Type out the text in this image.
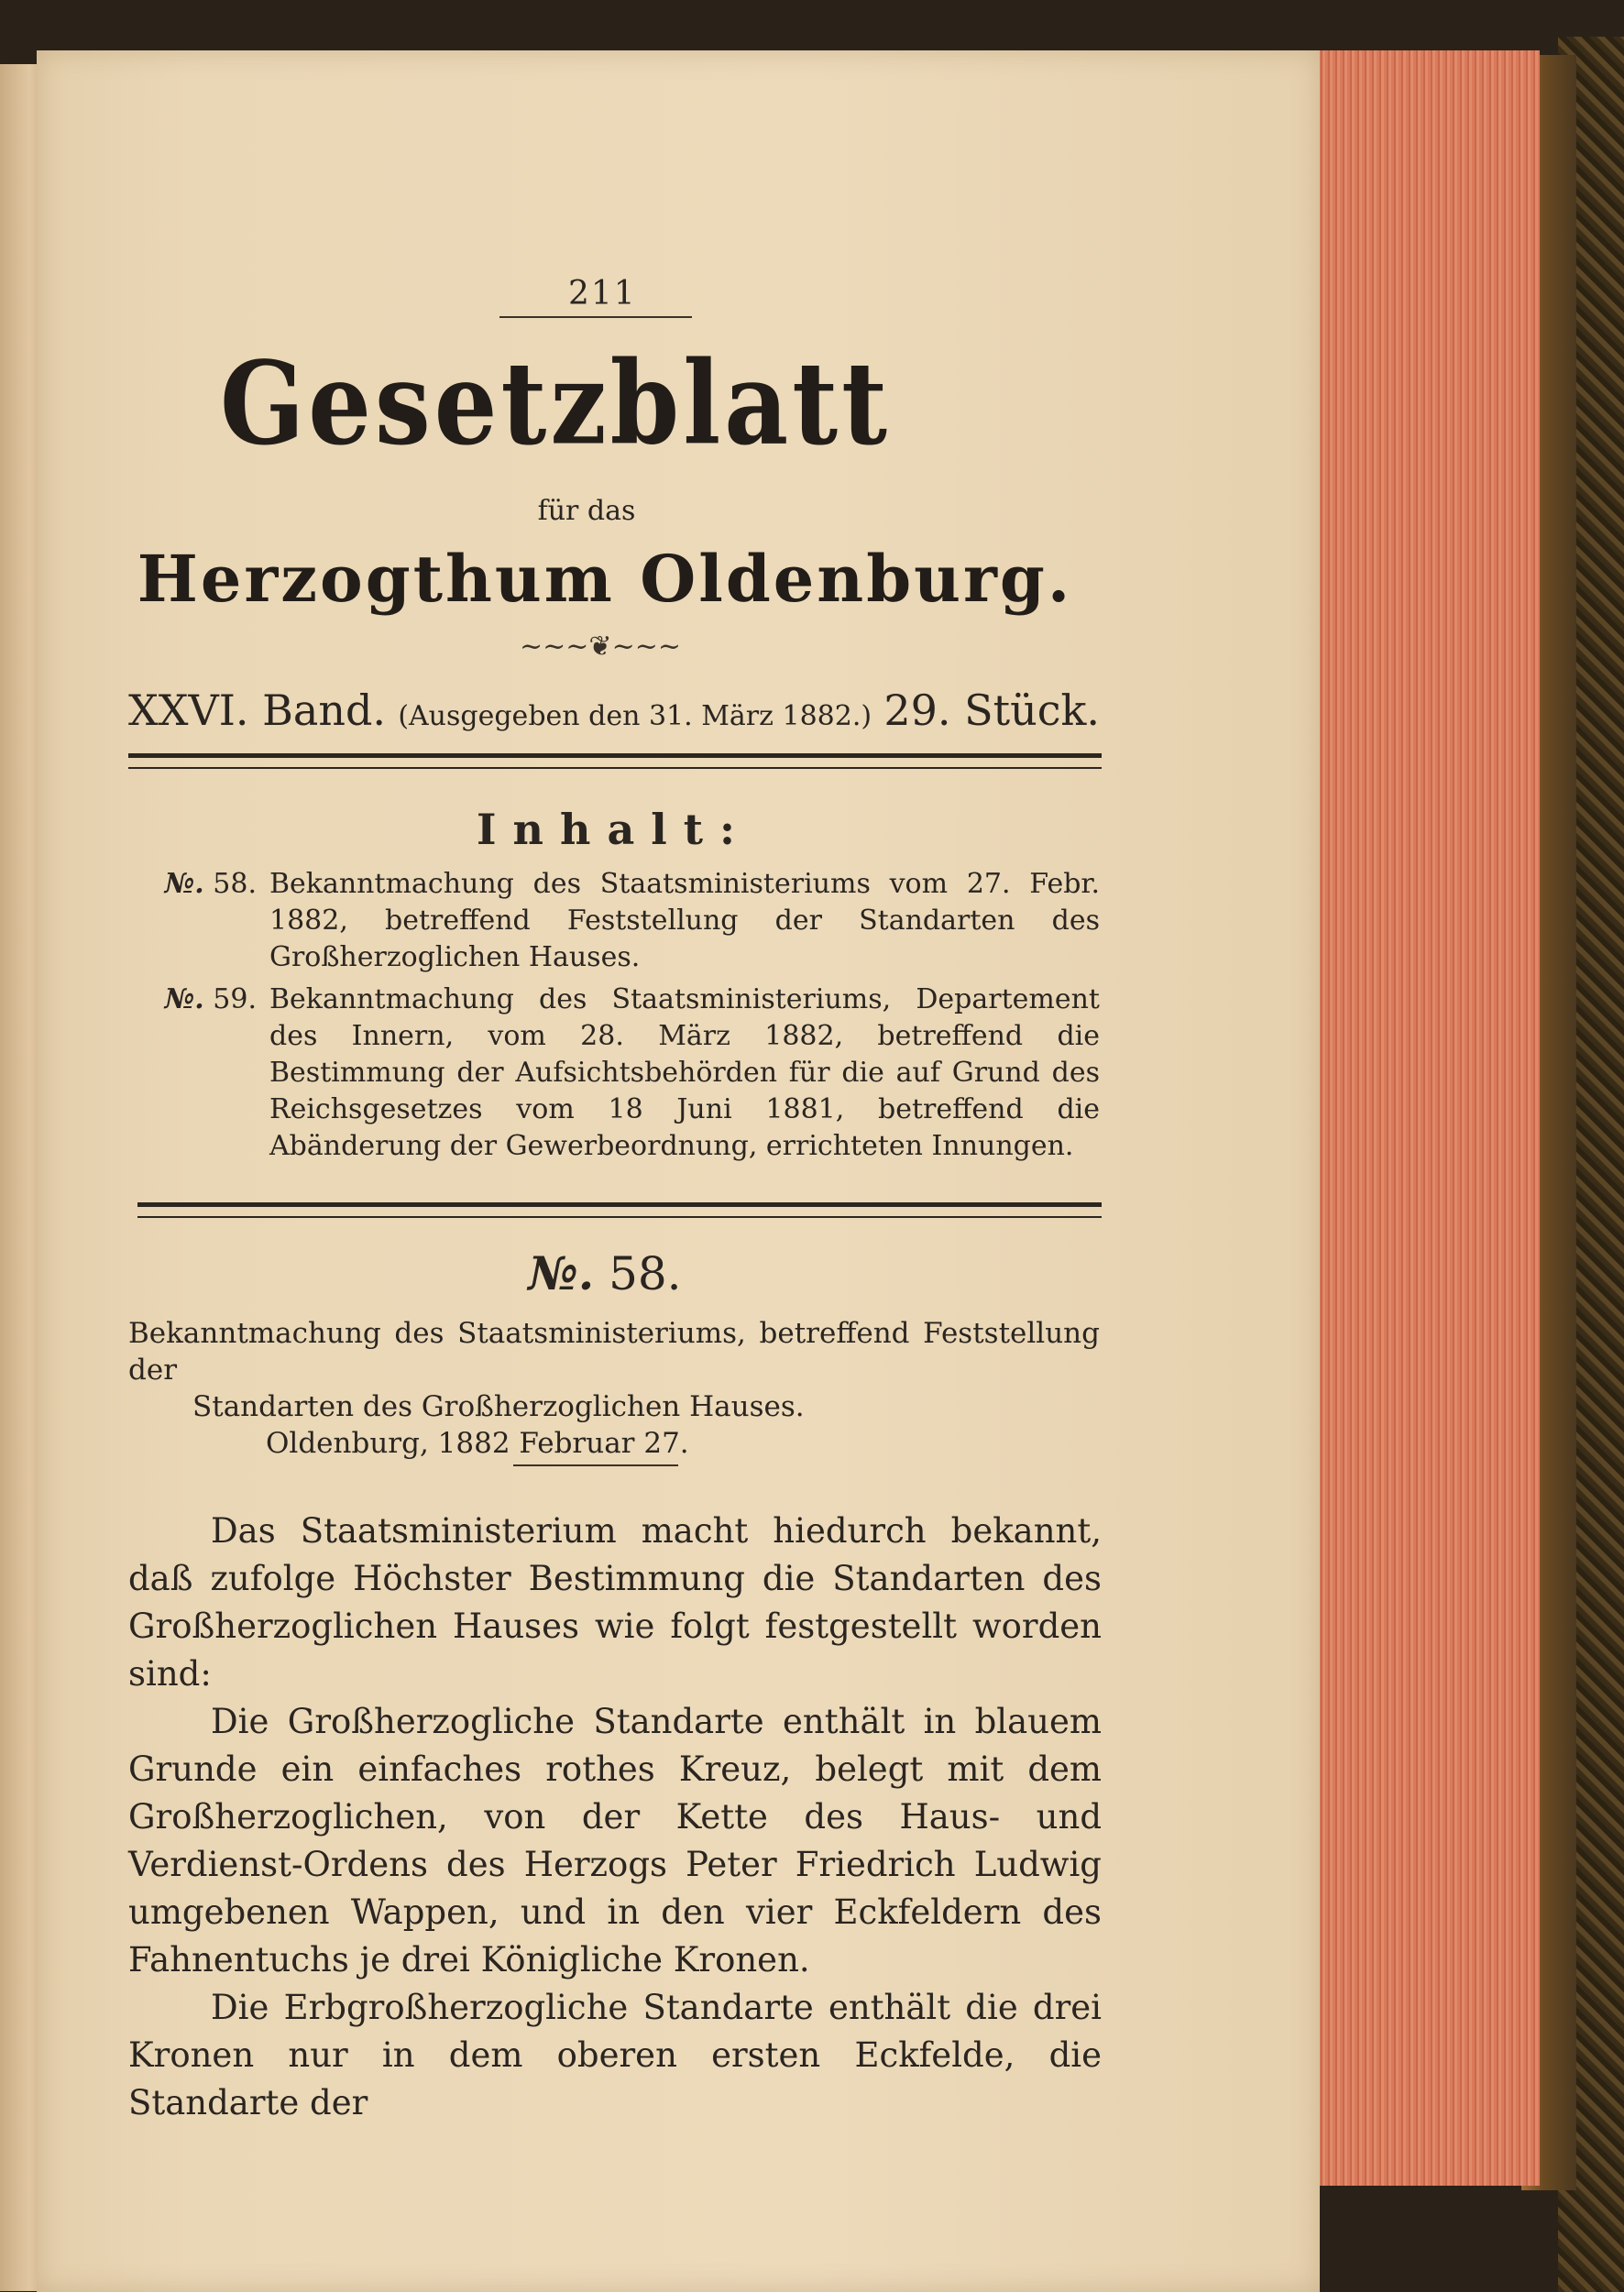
211
Gesetzblatt
für das
Herzogthum Oldenburg.
~~~❦~~~
XXVI. Band. (Ausgegeben den 31. März 1882.) 29. Stück.
Inhalt:
№. 58. Bekanntmachung des Staatsministeriums vom 27. Febr. 1882, betreffend Feststellung der Standarten des Großherzoglichen Hauses.
№. 59. Bekanntmachung des Staatsministeriums, Departement des Innern, vom 28. März 1882, betreffend die Bestimmung der Aufsichtsbehörden für die auf Grund des Reichsgesetzes vom 18 Juni 1881, betreffend die Abänderung der Gewerbeordnung, errichteten Innungen.
№. 58.
Bekanntmachung des Staatsministeriums, betreffend Feststellung der
Standarten des Großherzoglichen Hauses.
Oldenburg, 1882 Februar 27.

Das Staatsministerium macht hiedurch bekannt, daß zufolge Höchster Bestimmung die Standarten des Großherzoglichen Hauses wie folgt festgestellt worden sind:

Die Großherzogliche Standarte enthält in blauem Grunde ein einfaches rothes Kreuz, belegt mit dem Großherzoglichen, von der Kette des Haus- und Verdienst-Ordens des Herzogs Peter Friedrich Ludwig umgebenen Wappen, und in den vier Eckfeldern des Fahnentuchs je drei Königliche Kronen.

Die Erbgroßherzogliche Standarte enthält die drei Kronen nur in dem oberen ersten Eckfelde, die Standarte der
